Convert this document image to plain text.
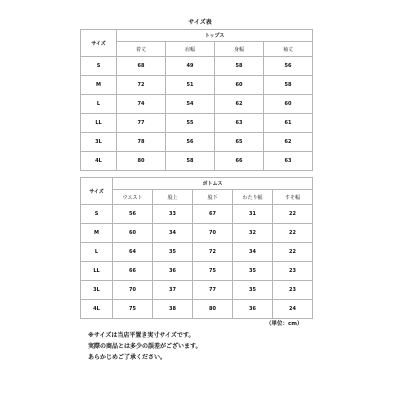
サイズ表
サイズ	トップス			
	着丈	肩幅	身幅	袖丈
S	68	49	58	56
M	72	51	60	58
L	74	54	62	60
LL	77	55	63	61
3L	78	56	65	62
4L	80	58	66	63
サイズ	ボトムス				
	ウエスト	股上	股下	わたり幅	すそ幅
S	56	33	67	31	22
M	60	34	70	32	22
L	64	35	72	34	22
LL	66	36	75	35	23
3L	70	37	77	35	23
4L	75	38	80	36	24
（単位：cm）
※サイズは当店平置き実寸サイズです。
実際の商品とは多少の誤差がございます。
あらかじめご了承ください。
